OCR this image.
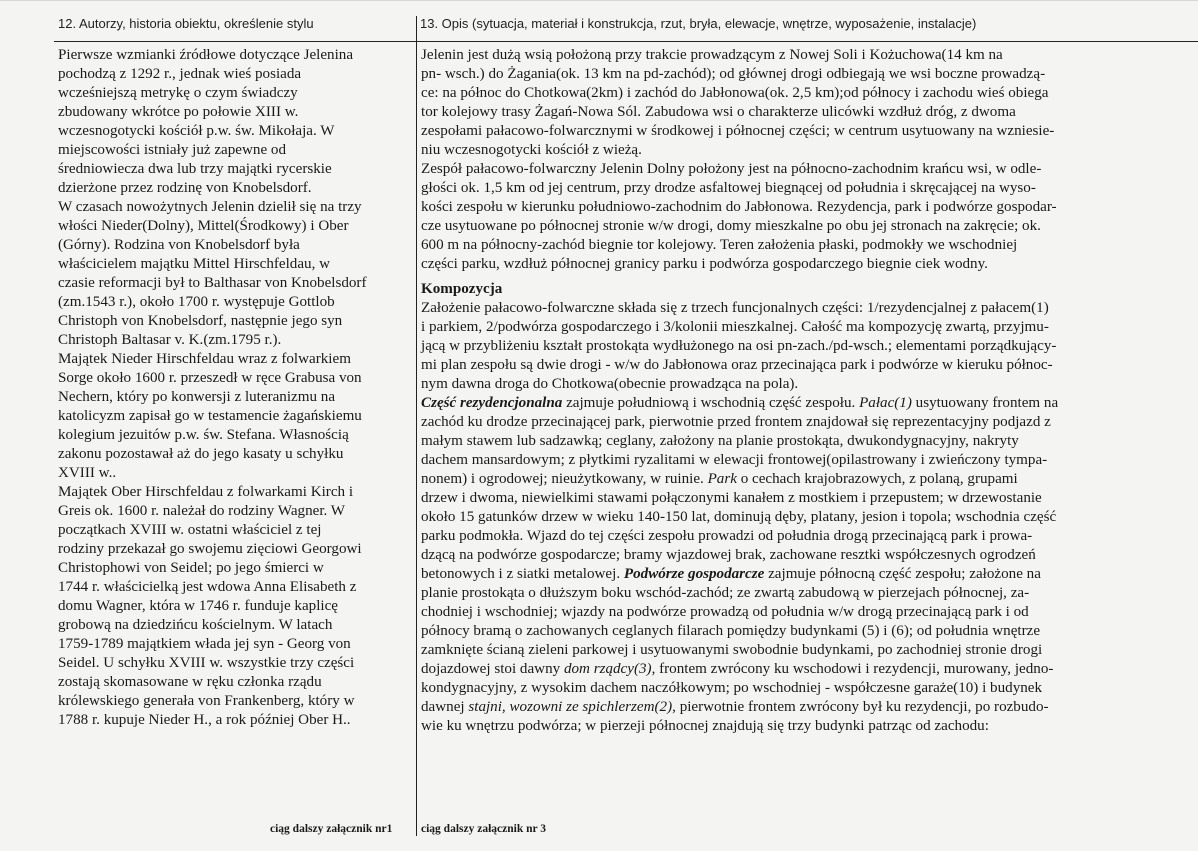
12. Autorzy, historia obiektu, określenie stylu	13. Opis (sytuacja, materiał i konstrukcja, rzut, bryła, elewacje, wnętrze, wyposażenie, instalacje)
Pierwsze wzmianki źródłowe dotyczące Jelenina
pochodzą z 1292 r., jednak wieś posiada
wcześniejszą metrykę o czym świadczy
zbudowany wkrótce po połowie XIII w.
wczesnogotycki kościół p.w. św. Mikołaja. W
miejscowości istniały już zapewne od
średniowiecza dwa lub trzy majątki rycerskie
dzierżone przez rodzinę von Knobelsdorf.
W czasach nowożytnych Jelenin dzielił się na trzy
włości Nieder(Dolny), Mittel(Środkowy) i Ober
(Górny). Rodzina von Knobelsdorf była
właścicielem majątku Mittel Hirschfeldau, w
czasie reformacji był to Balthasar von Knobelsdorf
(zm.1543 r.), około 1700 r. występuje Gottlob
Christoph von Knobelsdorf, następnie jego syn
Christoph Baltasar v. K.(zm.1795 r.).
Majątek Nieder Hirschfeldau wraz z folwarkiem
Sorge około 1600 r. przeszedł w ręce Grabusa von
Nechern, który po konwersji z luteranizmu na
katolicyzm zapisał go w testamencie żagańskiemu
kolegium jezuitów p.w. św. Stefana. Własnością
zakonu pozostawał aż do jego kasaty u schyłku
XVIII w..
Majątek Ober Hirschfeldau z folwarkami Kirch i
Greis ok. 1600 r. należał do rodziny Wagner. W
początkach XVIII w. ostatni właściciel z tej
rodziny przekazał go swojemu zięciowi Georgowi
Christophowi von Seidel; po jego śmierci w
1744 r. właścicielką jest wdowa Anna Elisabeth z
domu Wagner, która w 1746 r. funduje kaplicę
grobową na dziedzińcu kościelnym. W latach
1759-1789 majątkiem włada jej syn - Georg von
Seidel. U schyłku XVIII w. wszystkie trzy części
zostają skomasowane w ręku członka rządu
królewskiego generała von Frankenberg, który w
1788 r. kupuje Nieder H., a rok później Ober H..
ciąg dalszy załącznik nr1
Jelenin jest dużą wsią położoną przy trakcie prowadzącym z Nowej Soli i Kożuchowa(14 km na
pn- wsch.) do Żagania(ok. 13 km na pd-zachód); od głównej drogi odbiegają we wsi boczne prowadzą-
ce: na północ do Chotkowa(2km) i zachód do Jabłonowa(ok. 2,5 km);od północy i zachodu wieś obiega
tor kolejowy trasy Żagań-Nowa Sól. Zabudowa wsi o charakterze ulicówki wzdłuż dróg, z dwoma
zespołami pałacowo-folwarcznymi w środkowej i północnej części; w centrum usytuowany na wzniesie-
niu wczesnogotycki kościół z wieżą.
Zespół pałacowo-folwarczny Jelenin Dolny położony jest na północno-zachodnim krańcu wsi, w odle-
głości ok. 1,5 km od jej centrum, przy drodze asfaltowej biegnącej od południa i skręcającej na wyso-
kości zespołu w kierunku południowo-zachodnim do Jabłonowa. Rezydencja, park i podwórze gospodar-
cze usytuowane po północnej stronie w/w drogi, domy mieszkalne po obu jej stronach na zakręcie; ok.
600 m na północny-zachód biegnie tor kolejowy. Teren założenia płaski, podmokły we wschodniej
części parku, wzdłuż północnej granicy parku i podwórza gospodarczego biegnie ciek wodny.
Kompozycja
Założenie pałacowo-folwarczne składa się z trzech funcjonalnych części: 1/rezydencjalnej z pałacem(1)
i parkiem, 2/podwórza gospodarczego i 3/kolonii mieszkalnej. Całość ma kompozycję zwartą, przyjmu-
jącą w przybliżeniu kształt prostokąta wydłużonego na osi pn-zach./pd-wsch.; elementami porządkujący-
mi plan zespołu są dwie drogi - w/w do Jabłonowa oraz przecinająca park i podwórze w kieruku północ-
nym dawna droga do Chotkowa(obecnie prowadząca na pola).
Część rezydencjonalna zajmuje południową i wschodnią część zespołu. Pałac(1) usytuowany frontem na
zachód ku drodze przecinającej park, pierwotnie przed frontem znajdował się reprezentacyjny podjazd z
małym stawem lub sadzawką; ceglany, założony na planie prostokąta, dwukondygnacyjny, nakryty
dachem mansardowym; z płytkimi ryzalitami w elewacji frontowej(opilastrowany i zwieńczony tympa-
nonem) i ogrodowej; nieużytkowany, w ruinie. Park o cechach krajobrazowych, z polaną, grupami
drzew i dwoma, niewielkimi stawami połączonymi kanałem z mostkiem i przepustem; w drzewostanie
około 15 gatunków drzew w wieku 140-150 lat, dominują dęby, platany, jesion i topola; wschodnia część
parku podmokła. Wjazd do tej części zespołu prowadzi od południa drogą przecinającą park i prowa-
dzącą na podwórze gospodarcze; bramy wjazdowej brak, zachowane resztki współczesnych ogrodzeń
betonowych i z siatki metalowej. Podwórze gospodarcze zajmuje północną część zespołu; założone na
planie prostokąta o dłuższym boku wschód-zachód; ze zwartą zabudową w pierzejach północnej, za-
chodniej i wschodniej; wjazdy na podwórze prowadzą od południa w/w drogą przecinającą park i od
północy bramą o zachowanych ceglanych filarach pomiędzy budynkami (5) i (6); od południa wnętrze
zamknięte ścianą zieleni parkowej i usytuowanymi swobodnie budynkami, po zachodniej stronie drogi
dojazdowej stoi dawny dom rządcy(3), frontem zwrócony ku wschodowi i rezydencji, murowany, jedno-
kondygnacyjny, z wysokim dachem naczółkowym; po wschodniej - współczesne garaże(10) i budynek
dawnej stajni, wozowni ze spichlerzem(2), pierwotnie frontem zwrócony był ku rezydencji, po rozbudo-
wie ku wnętrzu podwórza; w pierzeji północnej znajdują się trzy budynki patrząc od zachodu:
ciąg dalszy załącznik nr 3
